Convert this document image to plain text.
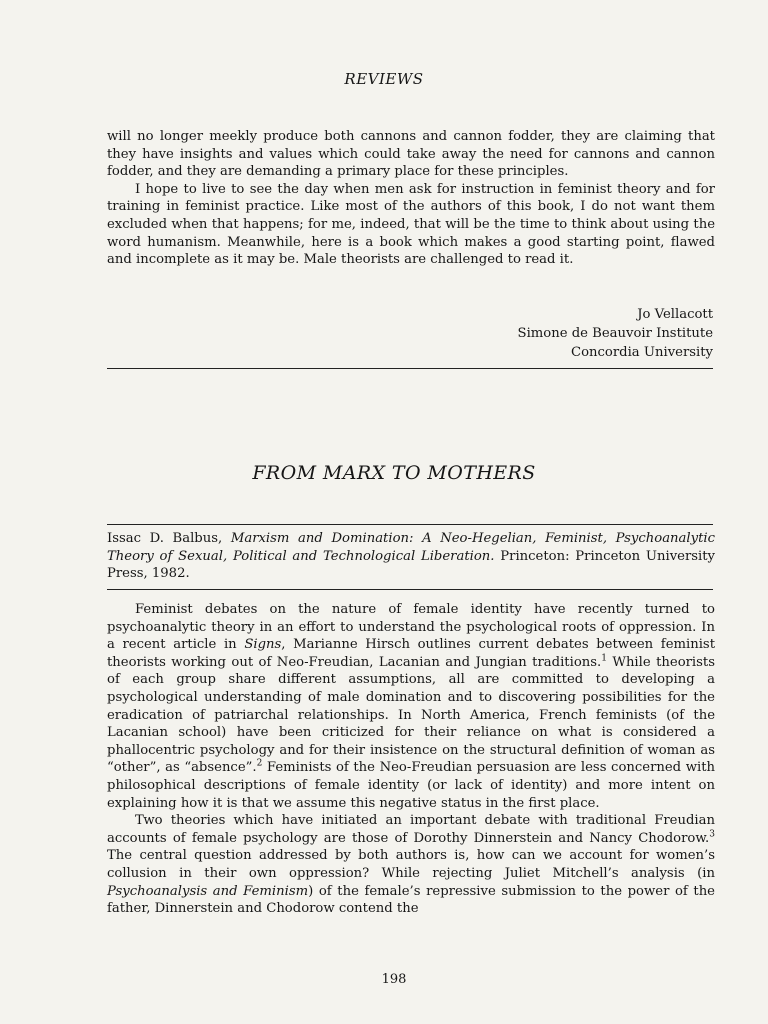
REVIEWS

will no longer meekly produce both cannons and cannon fodder, they are claiming that they have insights and values which could take away the need for cannons and cannon fodder, and they are demanding a primary place for these principles.

I hope to live to see the day when men ask for instruction in feminist theory and for training in feminist practice. Like most of the authors of this book, I do not want them excluded when that happens; for me, indeed, that will be the time to think about using the word humanism. Meanwhile, here is a book which makes a good starting point, flawed and incomplete as it may be. Male theorists are challenged to read it.

Jo Vellacott
Simone de Beauvoir Institute
Concordia University
FROM MARX TO MOTHERS
Issac D. Balbus, Marxism and Domination: A Neo-Hegelian, Feminist, Psychoanalytic Theory of Sexual, Political and Technological Liberation. Princeton: Princeton University Press, 1982.

Feminist debates on the nature of female identity have recently turned to psychoanalytic theory in an effort to understand the psychological roots of oppression. In a recent article in Signs, Marianne Hirsch outlines current debates between feminist theorists working out of Neo-Freudian, Lacanian and Jungian traditions.$^1$ While theorists of each group share different assumptions, all are committed to developing a psychological understanding of male domination and to discovering possibilities for the eradication of patriarchal relationships. In North America, French feminists (of the Lacanian school) have been criticized for their reliance on what is considered a phallocentric psychology and for their insistence on the structural definition of woman as “other”, as “absence”.$^2$ Feminists of the Neo-Freudian persuasion are less concerned with philosophical descriptions of female identity (or lack of identity) and more intent on explaining how it is that we assume this negative status in the first place.

Two theories which have initiated an important debate with traditional Freudian accounts of female psychology are those of Dorothy Dinnerstein and Nancy Chodorow.$^3$ The central question addressed by both authors is, how can we account for women’s collusion in their own oppression? While rejecting Juliet Mitchell’s analysis (in Psychoanalysis and Feminism) of the female’s repressive submission to the power of the father, Dinnerstein and Chodorow contend the

198
